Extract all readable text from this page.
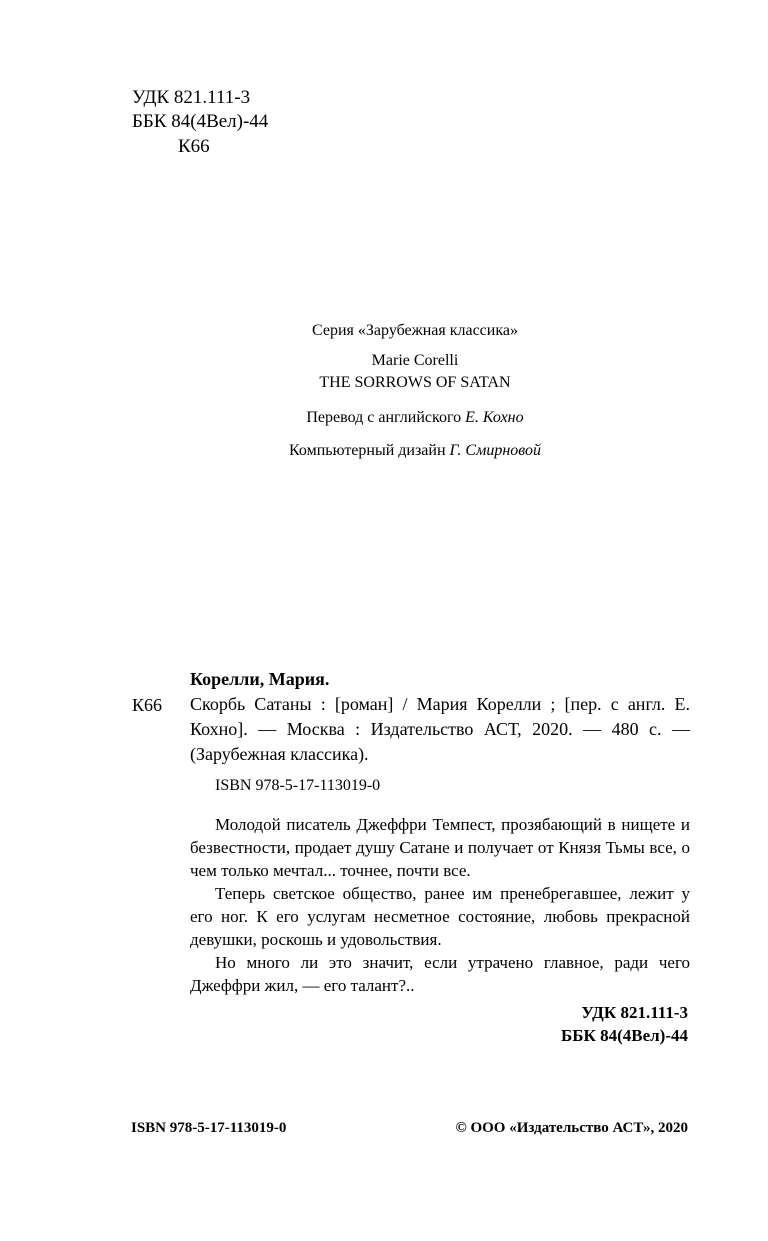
УДК 821.111-3
ББК 84(4Вел)-44
К66
Серия «Зарубежная классика»
Marie Corelli
THE SORROWS OF SATAN
Перевод с английского Е. Кохно
Компьютерный дизайн Г. Смирновой
Корелли, Мария.
К66 Скорбь Сатаны : [роман] / Мария Корелли ; [пер. с англ. Е. Кохно]. — Москва : Издательство АСТ, 2020. — 480 с. — (Зарубежная классика).
ISBN 978-5-17-113019-0
Молодой писатель Джеффри Темпест, прозябающий в нищете и безвестности, продает душу Сатане и получает от Князя Тьмы все, о чем только мечтал... точнее, почти все.
Теперь светское общество, ранее им пренебрегавшее, лежит у его ног. К его услугам несметное состояние, любовь прекрасной девушки, роскошь и удовольствия.
Но много ли это значит, если утрачено главное, ради чего Джеффри жил, — его талант?..
УДК 821.111-3
ББК 84(4Вел)-44
ISBN 978-5-17-113019-0	© ООО «Издательство АСТ», 2020
